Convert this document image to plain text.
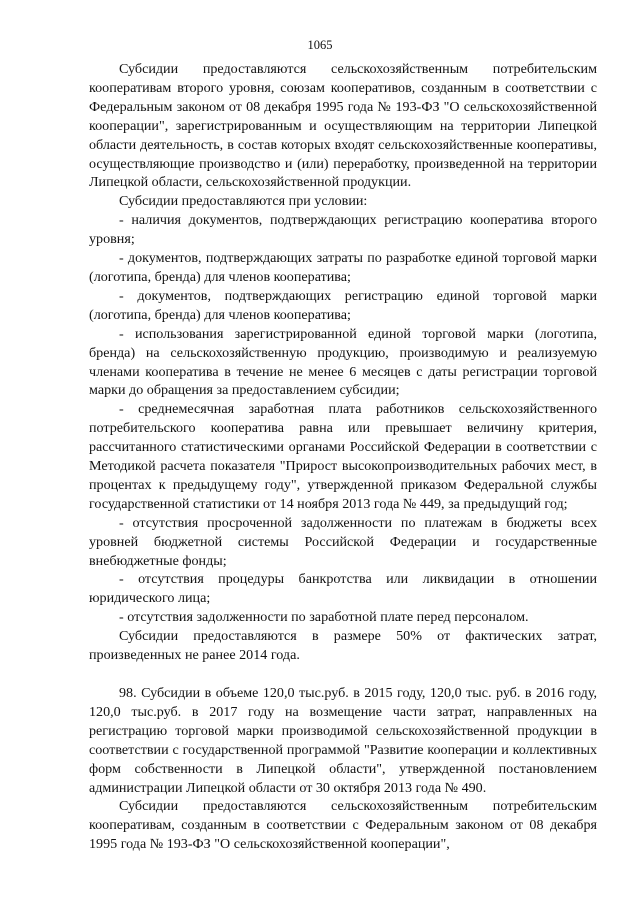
1065

Субсидии предоставляются сельскохозяйственным потребительским кооперативам второго уровня, союзам кооперативов, созданным в соответствии с Федеральным законом от 08 декабря 1995 года № 193-ФЗ "О сельскохозяйственной кооперации", зарегистрированным и осуществляющим на территории Липецкой области деятельность, в состав которых входят сельскохозяйственные кооперативы, осуществляющие производство и (или) переработку, произведенной на территории Липецкой области, сельскохозяйственной продукции.

Субсидии предоставляются при условии:

- наличия документов, подтверждающих регистрацию кооператива второго уровня;

- документов, подтверждающих затраты по разработке единой торговой марки (логотипа, бренда) для членов кооператива;

- документов, подтверждающих регистрацию единой торговой марки (логотипа, бренда) для членов кооператива;

- использования зарегистрированной единой торговой марки (логотипа, бренда) на сельскохозяйственную продукцию, производимую и реализуемую членами кооператива в течение не менее 6 месяцев с даты регистрации торговой марки до обращения за предоставлением субсидии;

- среднемесячная заработная плата работников сельскохозяйственного потребительского кооператива равна или превышает величину критерия, рассчитанного статистическими органами Российской Федерации в соответствии с Методикой расчета показателя "Прирост высокопроизводительных рабочих мест, в процентах к предыдущему году", утвержденной приказом Федеральной службы государственной статистики от 14 ноября 2013 года № 449, за предыдущий год;

- отсутствия просроченной задолженности по платежам в бюджеты всех уровней бюджетной системы Российской Федерации и государственные внебюджетные фонды;

- отсутствия процедуры банкротства или ликвидации в отношении юридического лица;

- отсутствия задолженности по заработной плате перед персоналом.

Субсидии предоставляются в размере 50% от фактических затрат, произведенных не ранее 2014 года.

98. Субсидии в объеме 120,0 тыс.руб. в 2015 году, 120,0 тыс. руб. в 2016 году, 120,0 тыс.руб. в 2017 году на возмещение части затрат, направленных на регистрацию торговой марки производимой сельскохозяйственной продукции в соответствии с государственной программой "Развитие кооперации и коллективных форм собственности в Липецкой области", утвержденной постановлением администрации Липецкой области от 30 октября 2013 года № 490.

Субсидии предоставляются сельскохозяйственным потребительским кооперативам, созданным в соответствии с Федеральным законом от 08 декабря 1995 года № 193-ФЗ "О сельскохозяйственной кооперации",
